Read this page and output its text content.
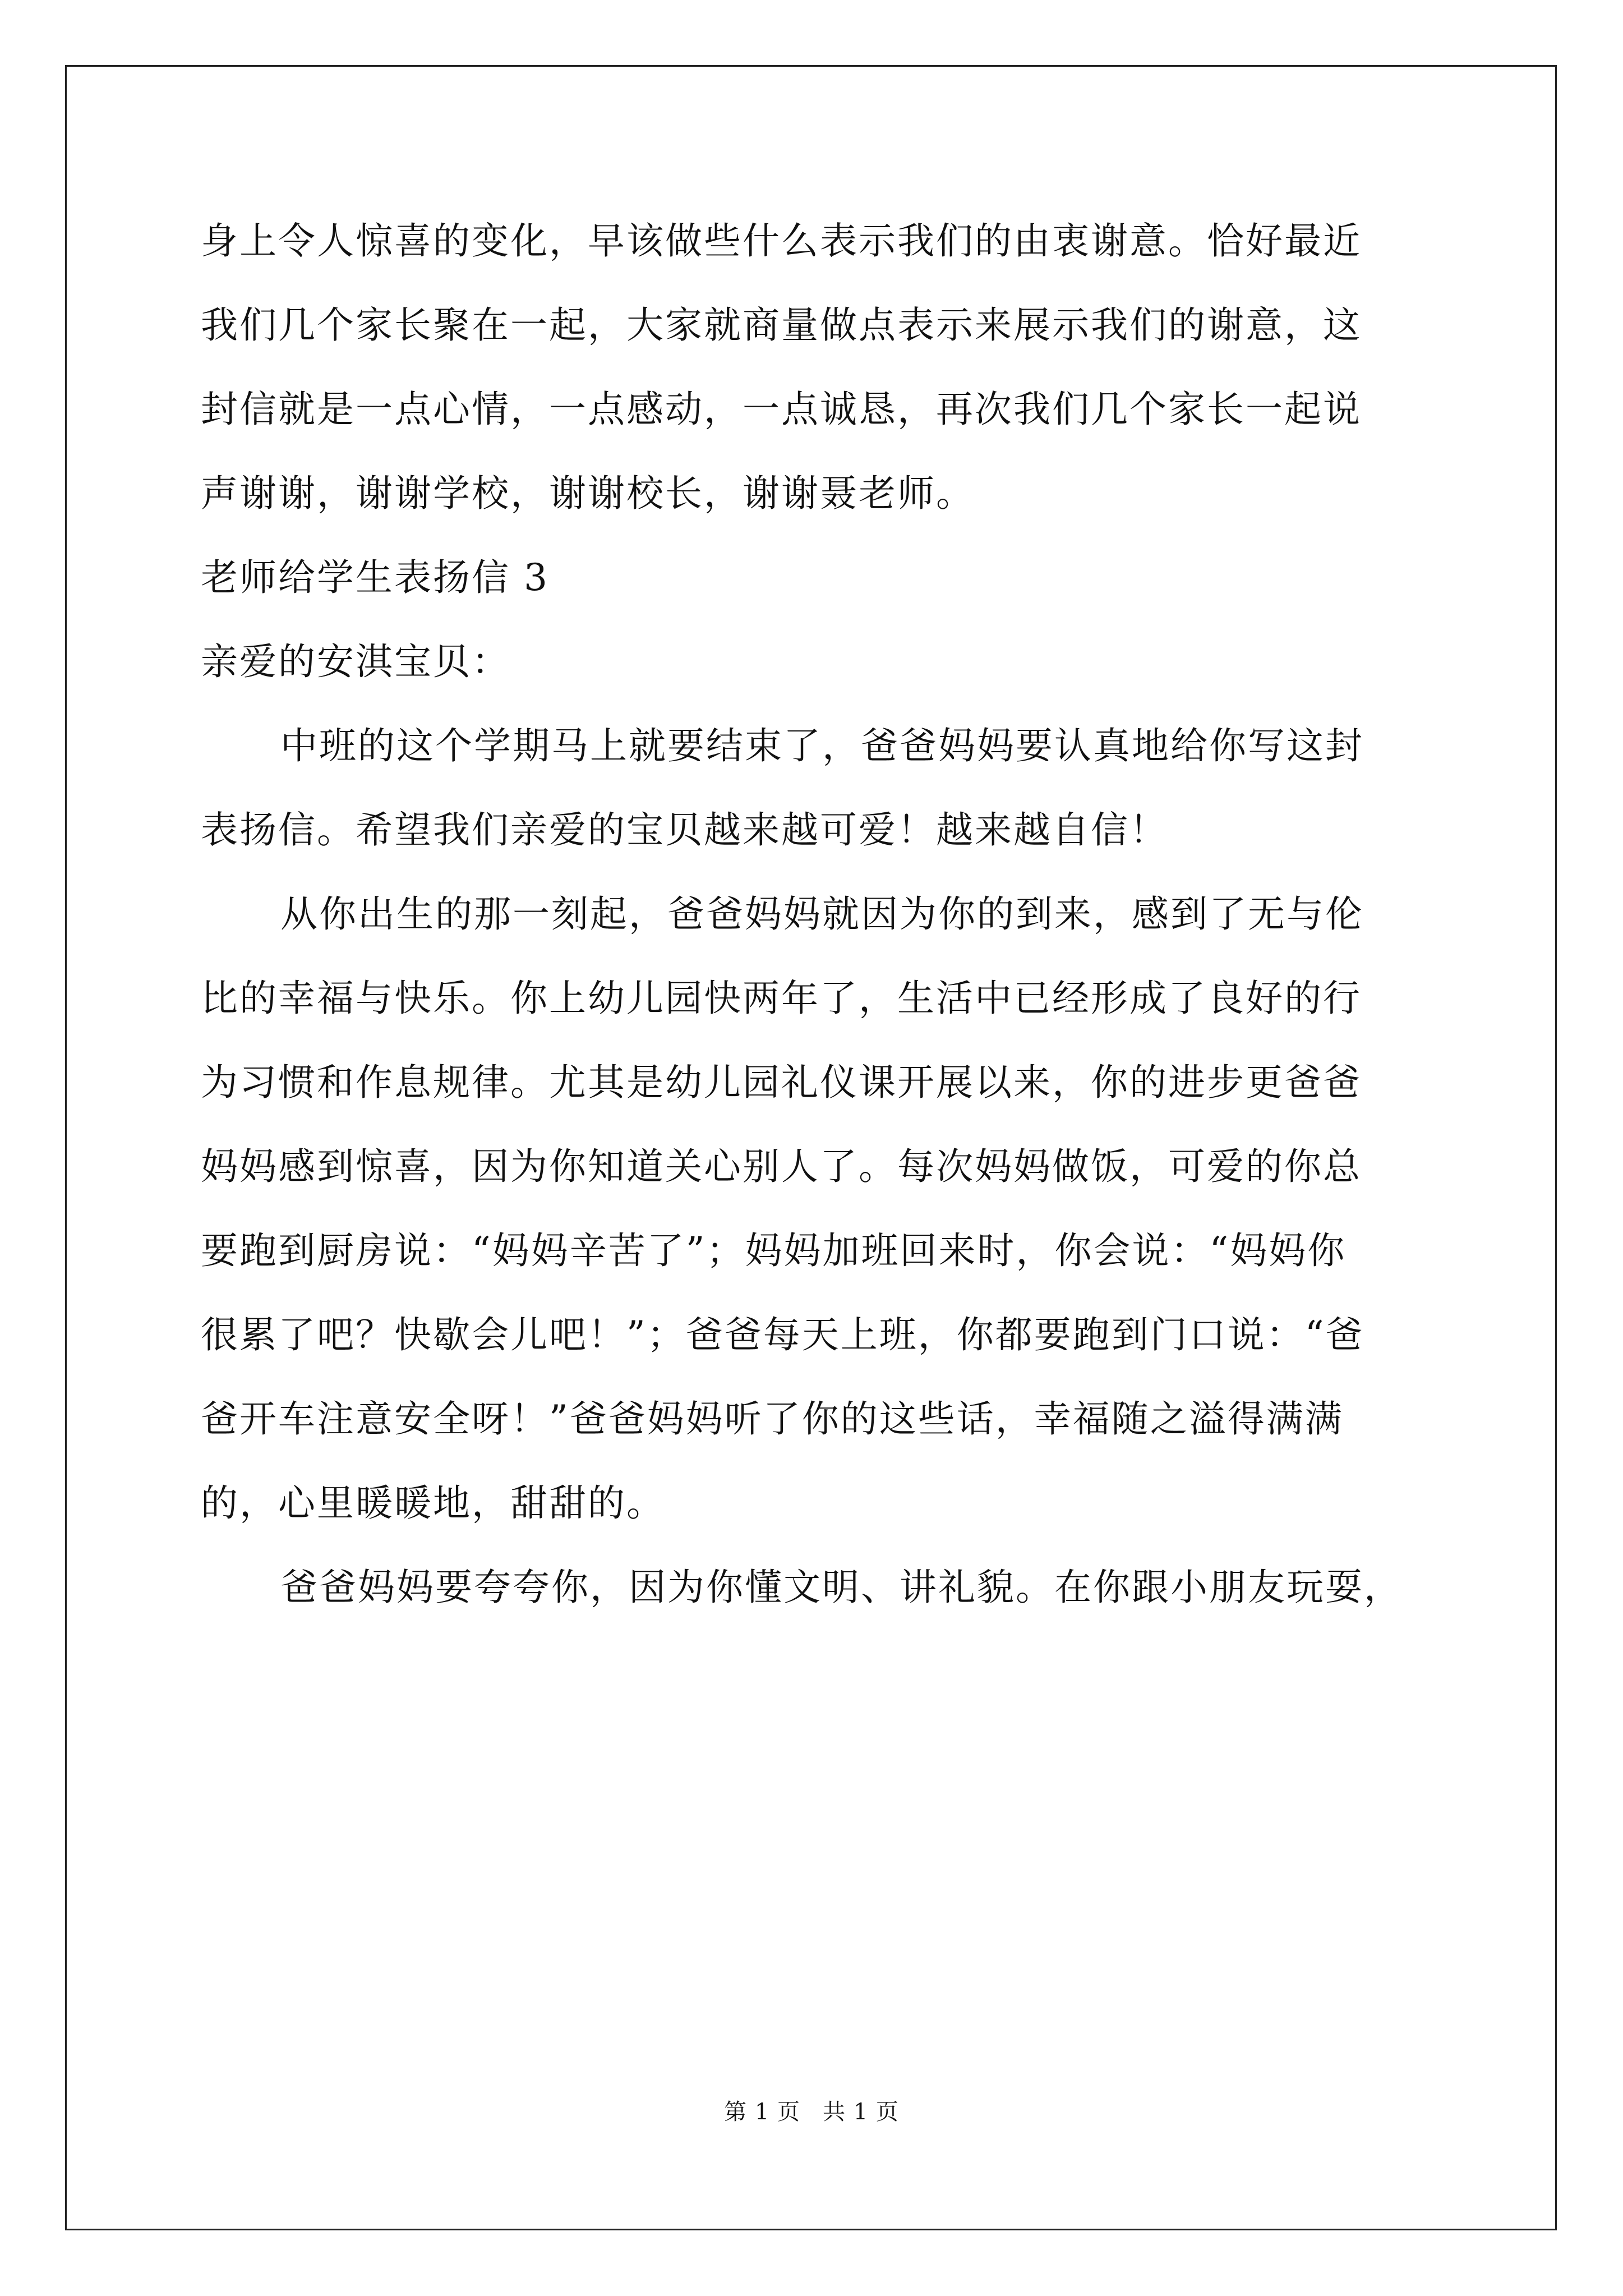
身上令人惊喜的变化，早该做些什么表示我们的由衷谢意。恰好最近
我们几个家长聚在一起，大家就商量做点表示来展示我们的谢意，这
封信就是一点心情，一点感动，一点诚恳，再次我们几个家长一起说
声谢谢，谢谢学校，谢谢校长，谢谢聂老师。
老师给学生表扬信 3
亲爱的安淇宝贝：
中班的这个学期马上就要结束了，爸爸妈妈要认真地给你写这封
表扬信。希望我们亲爱的宝贝越来越可爱！越来越自信！
从你出生的那一刻起，爸爸妈妈就因为你的到来，感到了无与伦
比的幸福与快乐。你上幼儿园快两年了，生活中已经形成了良好的行
为习惯和作息规律。尤其是幼儿园礼仪课开展以来，你的进步更爸爸
妈妈感到惊喜，因为你知道关心别人了。每次妈妈做饭，可爱的你总
要跑到厨房说：“妈妈辛苦了”；妈妈加班回来时，你会说：“妈妈你
很累了吧？快歇会儿吧！”；爸爸每天上班，你都要跑到门口说：“爸
爸开车注意安全呀！”爸爸妈妈听了你的这些话，幸福随之溢得满满
的，心里暖暖地，甜甜的。
爸爸妈妈要夸夸你，因为你懂文明、讲礼貌。在你跟小朋友玩耍，
第 1 页 共 1 页
